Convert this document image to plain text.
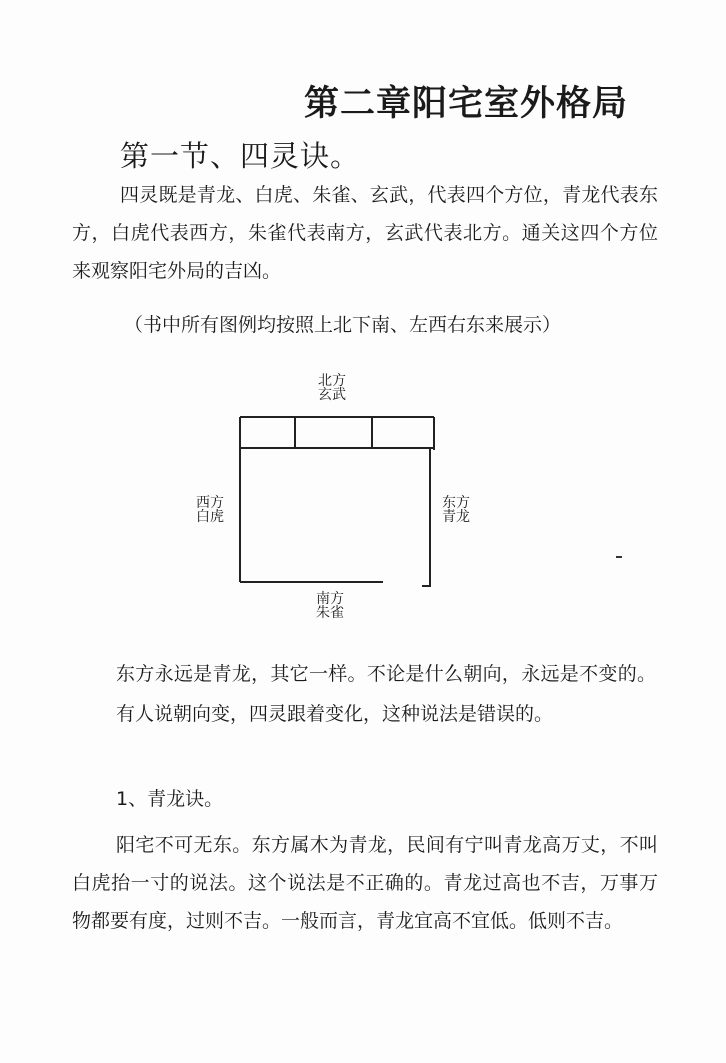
第二章阳宅室外格局
第一节、四灵诀。
四灵既是青龙、白虎、朱雀、玄武，代表四个方位，青龙代表东方，白虎代表西方，朱雀代表南方，玄武代表北方。通关这四个方位来观察阳宅外局的吉凶。
（书中所有图例均按照上北下南、左西右东来展示）
北方
玄武
西方
白虎
东方
青龙
南方
朱雀
东方永远是青龙，其它一样。不论是什么朝向，永远是不变的。有人说朝向变，四灵跟着变化，这种说法是错误的。
1、青龙诀。
阳宅不可无东。东方属木为青龙，民间有宁叫青龙高万丈，不叫白虎抬一寸的说法。这个说法是不正确的。青龙过高也不吉，万事万物都要有度，过则不吉。一般而言，青龙宜高不宜低。低则不吉。
